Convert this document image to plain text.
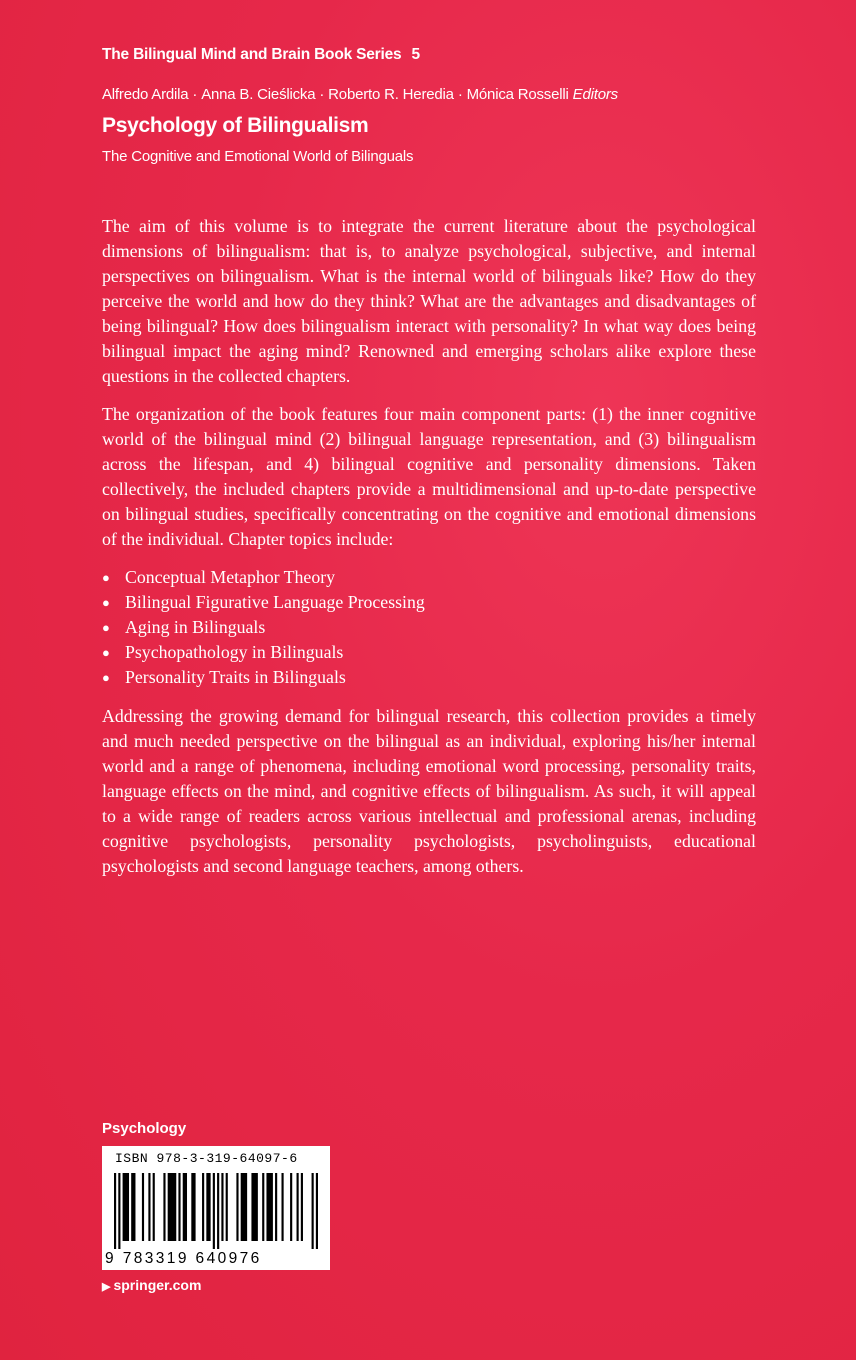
The Bilingual Mind and Brain Book Series 5
Alfredo Ardila · Anna B. Cieślicka · Roberto R. Heredia · Mónica Rosselli Editors
Psychology of Bilingualism
The Cognitive and Emotional World of Bilinguals

The aim of this volume is to integrate the current literature about the psychological dimensions of bilingualism: that is, to analyze psychological, subjective, and internal perspectives on bilingualism. What is the internal world of bilinguals like? How do they perceive the world and how do they think? What are the advantages and disadvantages of being bilingual? How does bilingualism interact with personality? In what way does being bilingual impact the aging mind? Renowned and emerging scholars alike explore these questions in the collected chapters.

The organization of the book features four main component parts: (1) the inner cognitive world of the bilingual mind (2) bilingual language representation, and (3) bilingualism across the lifespan, and 4) bilingual cognitive and personality dimensions. Taken collectively, the included chapters provide a multidimensional and up-to-date perspective on bilingual studies, specifically concentrating on the cognitive and emotional dimensions of the individual. Chapter topics include:

● Conceptual Metaphor Theory
● Bilingual Figurative Language Processing
● Aging in Bilinguals
● Psychopathology in Bilinguals
● Personality Traits in Bilinguals

Addressing the growing demand for bilingual research, this collection provides a timely and much needed perspective on the bilingual as an individual, exploring his/her internal world and a range of phenomena, including emotional word processing, personality traits, language effects on the mind, and cognitive effects of bilingualism. As such, it will appeal to a wide range of readers across various intellectual and professional arenas, including cognitive psychologists, personality psychologists, psycholinguists, educational psychologists and second language teachers, among others.

Psychology
ISBN 978-3-319-64097-6
9 783319 640976
▶ springer.com
